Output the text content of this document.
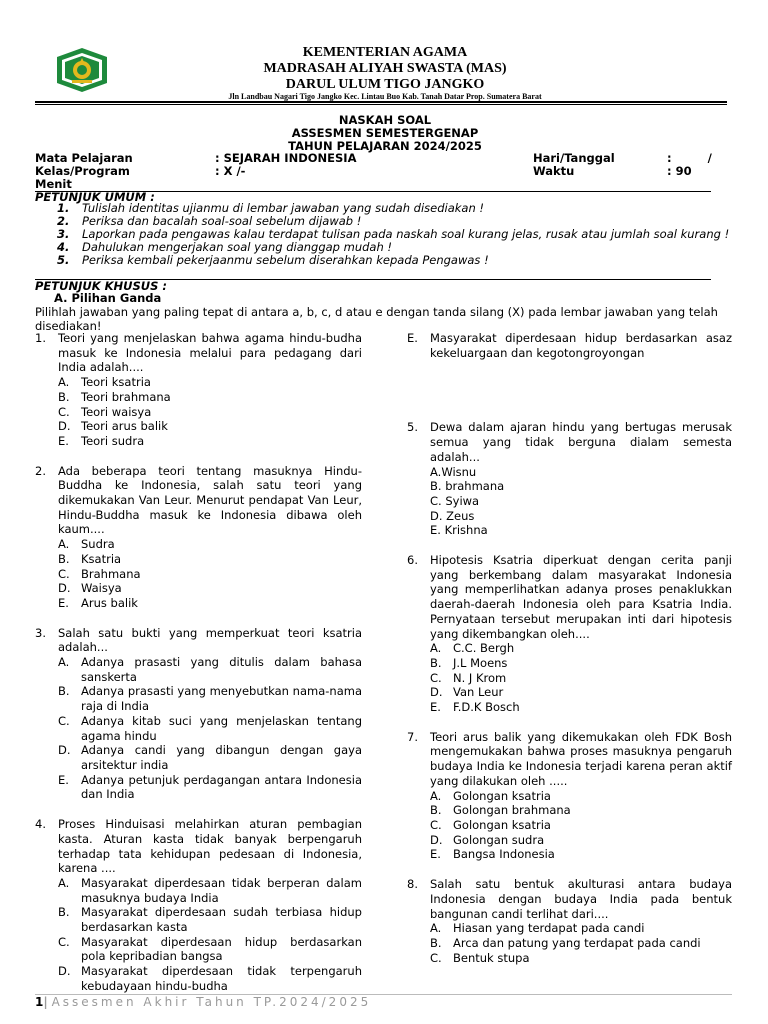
KEMENTERIAN AGAMA
MADRASAH ALIYAH SWASTA (MAS)
DARUL ULUM TIGO JANGKO
Jln Landbau Nagari Tigo Jangko Kec. Lintau Buo Kab. Tanah Datar Prop. Sumatera Barat
NASKAH SOAL
ASSESMEN SEMESTERGENAP
TAHUN PELAJARAN 2024/2025
Mata Pelajaran	: SEJARAH INDONESIA	Hari/Tanggal	:         /
Kelas/Program	: X /-	Waktu	: 90
Menit
PETUNJUK UMUM :
1. Tulislah identitas ujianmu di lembar jawaban yang sudah disediakan !
2. Periksa dan bacalah soal-soal sebelum dijawab !
3. Laporkan pada pengawas kalau terdapat tulisan pada naskah soal kurang jelas, rusak atau jumlah soal kurang !
4. Dahulukan mengerjakan soal yang dianggap mudah !
5. Periksa kembali pekerjaanmu sebelum diserahkan kepada Pengawas !
PETUNJUK KHUSUS :
A. Pilihan Ganda
Pilihlah jawaban yang paling tepat di antara a, b, c, d atau e dengan tanda silang (X) pada lembar jawaban yang telah disediakan!
1. Teori yang menjelaskan bahwa agama hindu-budha masuk ke Indonesia melalui para pedagang dari India adalah....
A. Teori ksatria
B. Teori brahmana
C. Teori waisya
D. Teori arus balik
E. Teori sudra
2. Ada beberapa teori tentang masuknya Hindu-Buddha ke Indonesia, salah satu teori yang dikemukakan Van Leur. Menurut pendapat Van Leur, Hindu-Buddha masuk ke Indonesia dibawa oleh kaum....
A. Sudra
B. Ksatria
C. Brahmana
D. Waisya
E. Arus balik
3. Salah satu bukti yang memperkuat teori ksatria adalah...
A. Adanya prasasti yang ditulis dalam bahasa sanskerta
B. Adanya prasasti yang menyebutkan nama-nama raja di India
C. Adanya kitab suci yang menjelaskan tentang agama hindu
D. Adanya candi yang dibangun dengan gaya arsitektur india
E. Adanya petunjuk perdagangan antara Indonesia dan India
4. Proses Hinduisasi melahirkan aturan pembagian kasta. Aturan kasta tidak banyak berpengaruh terhadap tata kehidupan pedesaan di Indonesia, karena ....
A. Masyarakat diperdesaan tidak berperan dalam masuknya budaya India
B. Masyarakat diperdesaan sudah terbiasa hidup berdasarkan kasta
C. Masyarakat diperdesaan hidup berdasarkan pola kepribadian bangsa
D. Masyarakat diperdesaan tidak terpengaruh kebudayaan hindu-budha
E. Masyarakat diperdesaan hidup berdasarkan asaz kekeluargaan dan kegotongroyongan
5. Dewa dalam ajaran hindu yang bertugas merusak semua yang tidak berguna dialam semesta adalah...
A.Wisnu
B. brahmana
C. Syiwa
D. Zeus
E. Krishna
6. Hipotesis Ksatria diperkuat dengan cerita panji yang berkembang dalam masyarakat Indonesia yang memperlihatkan adanya proses penaklukkan daerah-daerah Indonesia oleh para Ksatria India. Pernyataan tersebut merupakan inti dari hipotesis yang dikembangkan oleh....
A. C.C. Bergh
B. J.L Moens
C. N. J Krom
D. Van Leur
E. F.D.K Bosch
7. Teori arus balik yang dikemukakan oleh FDK Bosh mengemukakan bahwa proses masuknya pengaruh budaya India ke Indonesia terjadi karena peran aktif yang dilakukan oleh .....
A. Golongan ksatria
B. Golongan brahmana
C. Golongan ksatria
D. Golongan sudra
E. Bangsa Indonesia
8. Salah satu bentuk akulturasi antara budaya Indonesia dengan budaya India pada bentuk bangunan candi terlihat dari....
A. Hiasan yang terdapat pada candi
B. Arca dan patung yang terdapat pada candi
C. Bentuk stupa
1| Assesmen Akhir Tahun TP.2024/2025
